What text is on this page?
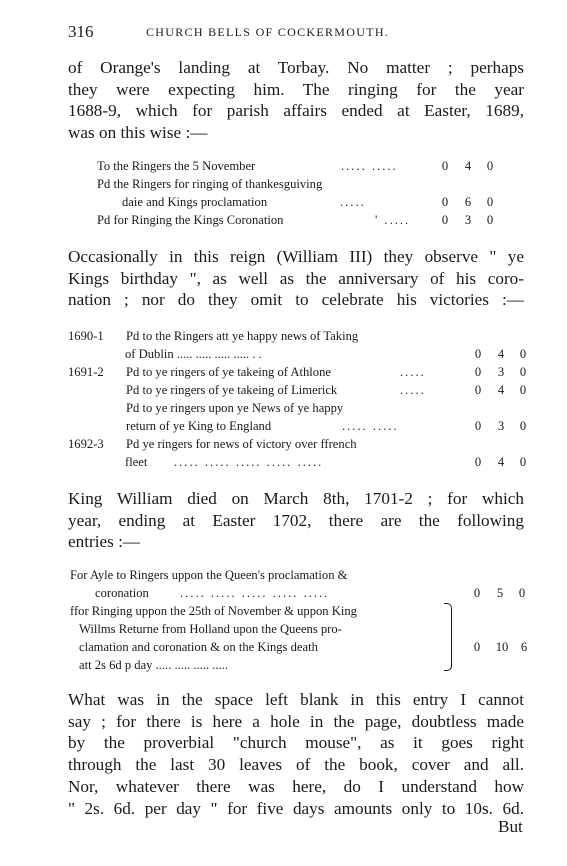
316	CHURCH BELLS OF COCKERMOUTH.

of Orange's landing at Torbay. No matter ; perhaps

they were expecting him. The ringing for the year

1688-9, which for parish affairs ended at Easter, 1689,

was on this wise :—

To the Ringers the 5 November	..... .....	0	4	0
Pd the Ringers for ringing of thankesguiving
daie and Kings proclamation	.....	0	6	0
Pd for Ringing the Kings Coronation	' .....	0	3	0

Occasionally in this reign (William III) they observe " ye

Kings birthday ", as well as the anniversary of his coro-

nation ; nor do they omit to celebrate his victories :—

1690-1 Pd to the Ringers att ye happy news of Taking
of Dublin ..... ..... ..... ..... . .	0	4	0
1691-2 Pd to ye ringers of ye takeing of Athlone	.....	0	3	0
Pd to ye ringers of ye takeing of Limerick	.....	0	4	0
Pd to ye ringers upon ye News of ye happy
return of ye King to England	..... .....	0	3	0
1692-3 Pd ye ringers for news of victory over ffrench
fleet ..... ..... ..... ..... .....	0	4	0

King William died on March 8th, 1701-2 ; for which

year, ending at Easter 1702, there are the following

entries :—

For Ayle to Ringers uppon the Queen's proclamation &
coronation ..... ..... ..... ..... .....	0	5	0
ffor Ringing uppon the 25th of November & uppon King
Willms Returne from Holland upon the Queens pro-
clamation and coronation & on the Kings death	0	10 6
att 2s 6d p day ..... ..... ..... .....

What was in the space left blank in this entry I cannot

say ; for there is here a hole in the page, doubtless made

by the proverbial "church mouse", as it goes right

through the last 30 leaves of the book, cover and all.

Nor, whatever there was here, do I understand how

" 2s. 6d. per day " for five days amounts only to 10s. 6d.

But
